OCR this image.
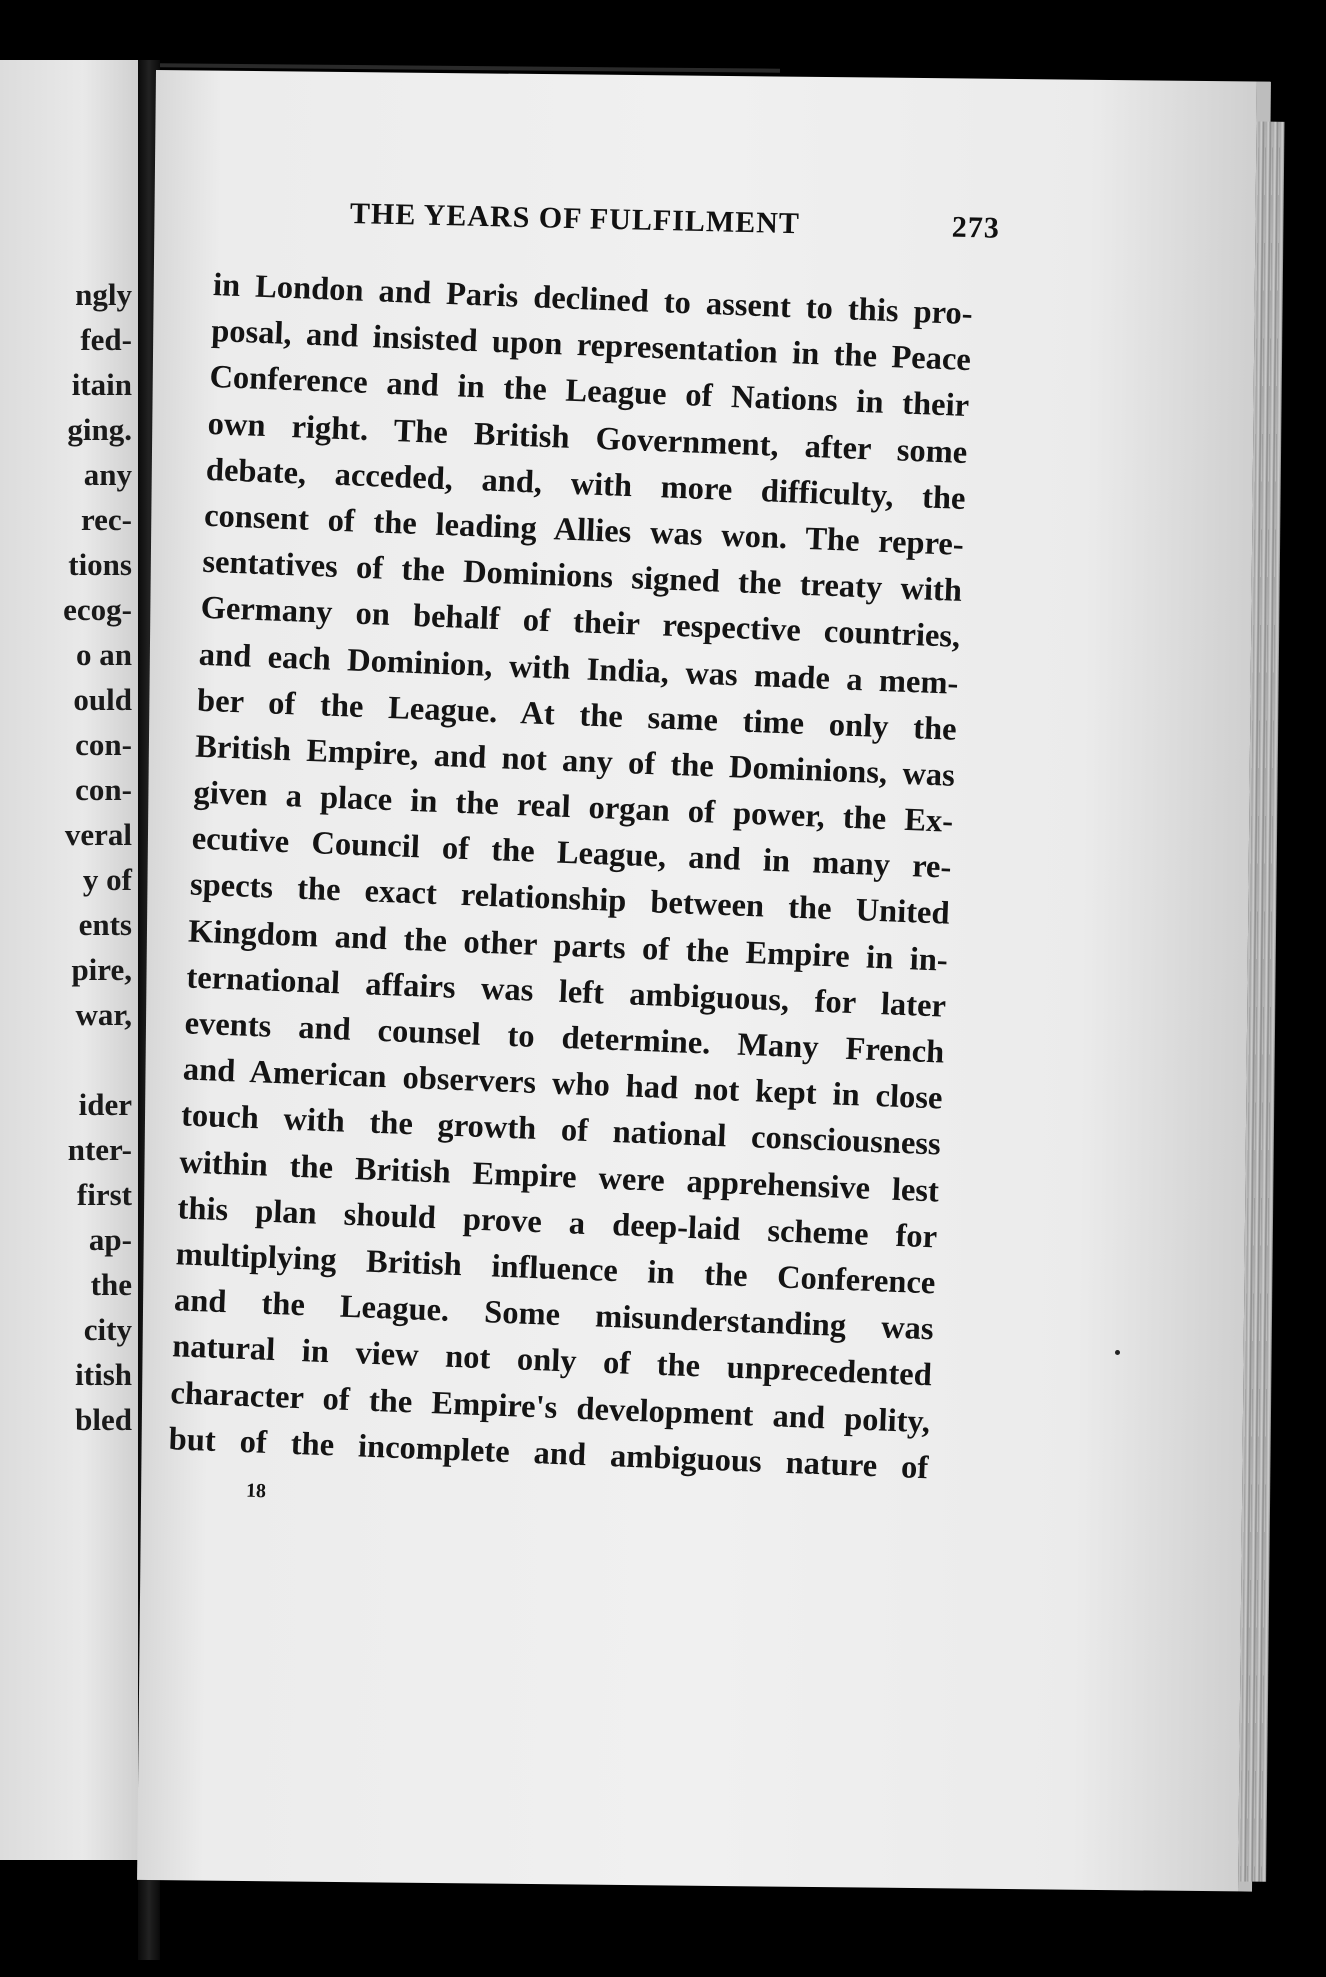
ngly
fed-
itain
ging.
any
rec-
tions
ecog-
o an
ould
con-
con-
veral
y of
ents
pire,
war,
ider
nter-
first
ap-
the
city
itish
bled
THE YEARS OF FULFILMENT	273
in London and Paris declined to assent to this pro-
posal, and insisted upon representation in the Peace
Conference and in the League of Nations in their
own right. The British Government, after some
debate, acceded, and, with more difficulty, the
consent of the leading Allies was won. The repre-
sentatives of the Dominions signed the treaty with
Germany on behalf of their respective countries,
and each Dominion, with India, was made a mem-
ber of the League. At the same time only the
British Empire, and not any of the Dominions, was
given a place in the real organ of power, the Ex-
ecutive Council of the League, and in many re-
spects the exact relationship between the United
Kingdom and the other parts of the Empire in in-
ternational affairs was left ambiguous, for later
events and counsel to determine. Many French
and American observers who had not kept in close
touch with the growth of national consciousness
within the British Empire were apprehensive lest
this plan should prove a deep-laid scheme for
multiplying British influence in the Conference
and the League. Some misunderstanding was
natural in view not only of the unprecedented
character of the Empire's development and polity,
but of the incomplete and ambiguous nature of
18
